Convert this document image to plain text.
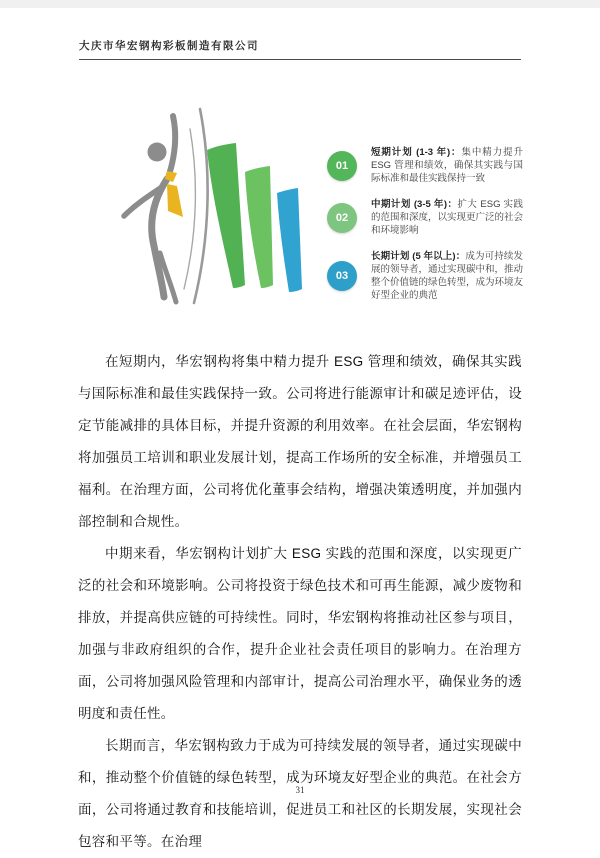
大庆市华宏钢构彩板制造有限公司
01
短期计划 (1-3 年)：集中精力提升 ESG 管理和绩效，确保其实践与国际标准和最佳实践保持一致
02
中期计划 (3-5 年)：扩大 ESG 实践的范围和深度，以实现更广泛的社会和环境影响
03
长期计划 (5 年以上)：成为可持续发展的领导者，通过实现碳中和，推动整个价值链的绿色转型，成为环境友好型企业的典范

在短期内，华宏钢构将集中精力提升 ESG 管理和绩效，确保其实践与国际标准和最佳实践保持一致。公司将进行能源审计和碳足迹评估，设定节能减排的具体目标，并提升资源的利用效率。在社会层面，华宏钢构将加强员工培训和职业发展计划，提高工作场所的安全标准，并增强员工福利。在治理方面，公司将优化董事会结构，增强决策透明度，并加强内部控制和合规性。

中期来看，华宏钢构计划扩大 ESG 实践的范围和深度，以实现更广泛的社会和环境影响。公司将投资于绿色技术和可再生能源，减少废物和排放，并提高供应链的可持续性。同时，华宏钢构将推动社区参与项目，加强与非政府组织的合作，提升企业社会责任项目的影响力。在治理方面，公司将加强风险管理和内部审计，提高公司治理水平，确保业务的透明度和责任性。

长期而言，华宏钢构致力于成为可持续发展的领导者，通过实现碳中和，推动整个价值链的绿色转型，成为环境友好型企业的典范。在社会方面，公司将通过教育和技能培训，促进员工和社区的长期发展，实现社会包容和平等。在治理

31
